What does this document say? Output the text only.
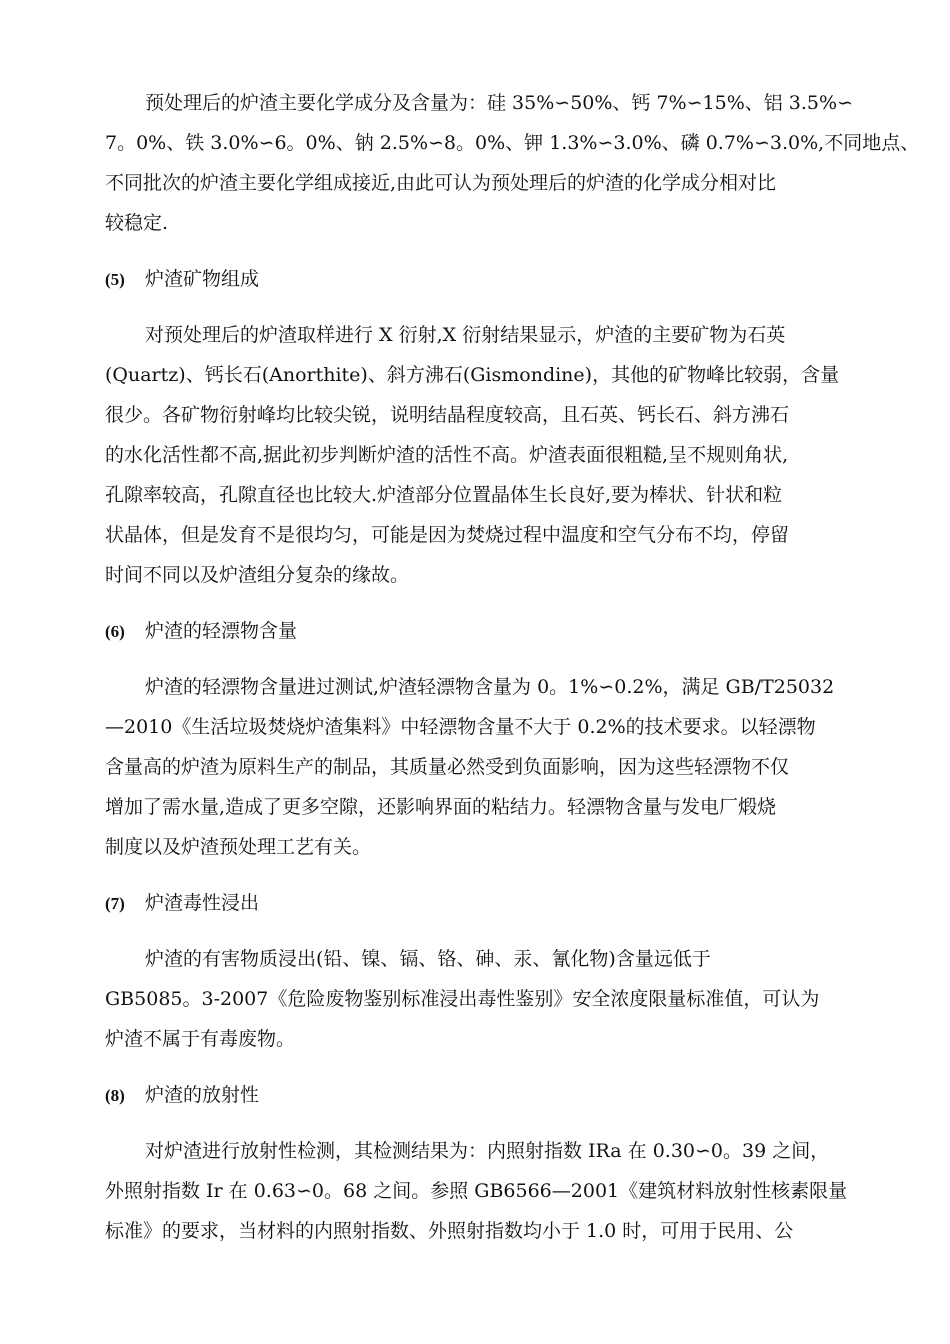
预处理后的炉渣主要化学成分及含量为：硅 35%∽50%、钙 7%∽15%、铝 3.5%∽
7。0%、铁 3.0%∽6。0%、钠 2.5%∽8。0%、钾 1.3%∽3.0%、磷 0.7%∽3.0%,不同地点、
不同批次的炉渣主要化学组成接近,由此可认为预处理后的炉渣的化学成分相对比
较稳定.
(5) 炉渣矿物组成
对预处理后的炉渣取样进行 X 衍射,X 衍射结果显示，炉渣的主要矿物为石英
(Quartz)、钙长石(Anorthite)、斜方沸石(Gismondine)，其他的矿物峰比较弱，含量
很少。各矿物衍射峰均比较尖锐，说明结晶程度较高，且石英、钙长石、斜方沸石
的水化活性都不高,据此初步判断炉渣的活性不高。炉渣表面很粗糙,呈不规则角状,
孔隙率较高，孔隙直径也比较大.炉渣部分位置晶体生长良好,要为棒状、针状和粒
状晶体，但是发育不是很均匀，可能是因为焚烧过程中温度和空气分布不均，停留
时间不同以及炉渣组分复杂的缘故。
(6) 炉渣的轻漂物含量
炉渣的轻漂物含量进过测试,炉渣轻漂物含量为 0。1%∽0.2%，满足 GB/T25032
—2010《生活垃圾焚烧炉渣集料》中轻漂物含量不大于 0.2%的技术要求。以轻漂物
含量高的炉渣为原料生产的制品，其质量必然受到负面影响，因为这些轻漂物不仅
增加了需水量,造成了更多空隙，还影响界面的粘结力。轻漂物含量与发电厂煅烧
制度以及炉渣预处理工艺有关。
(7) 炉渣毒性浸出
炉渣的有害物质浸出(铅、镍、镉、铬、砷、汞、氰化物)含量远低于
GB5085。3-2007《危险废物鉴别标准浸出毒性鉴别》安全浓度限量标准值，可认为
炉渣不属于有毒废物。
(8) 炉渣的放射性
对炉渣进行放射性检测，其检测结果为：内照射指数 IRa 在 0.30∽0。39 之间，
外照射指数 Ir 在 0.63∽0。68 之间。参照 GB6566—2001《建筑材料放射性核素限量
标准》的要求，当材料的内照射指数、外照射指数均小于 1.0 时，可用于民用、公
